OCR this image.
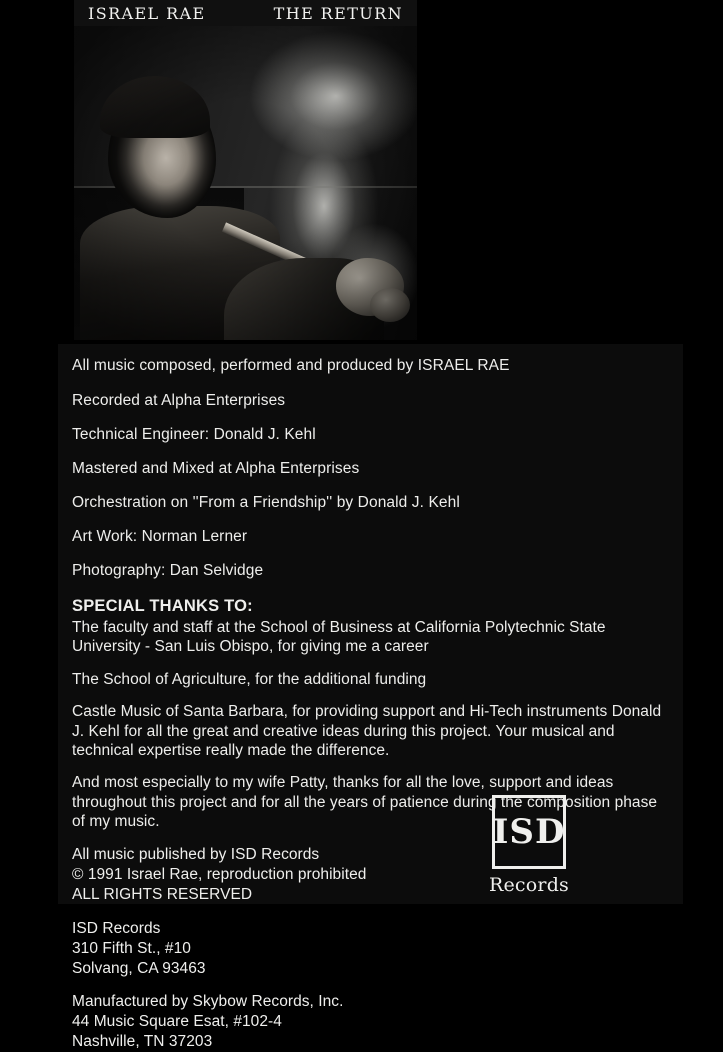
ISRAEL RAE	THE RETURN

All music composed, performed and produced by ISRAEL RAE

Recorded at Alpha Enterprises

Technical Engineer: Donald J. Kehl

Mastered and Mixed at Alpha Enterprises

Orchestration on ''From a Friendship'' by Donald J. Kehl

Art Work: Norman Lerner

Photography: Dan Selvidge

SPECIAL THANKS TO:

The faculty and staff at the School of Business at California Polytechnic State University - San Luis Obispo, for giving me a career

The School of Agriculture, for the additional funding

Castle Music of Santa Barbara, for providing support and Hi-Tech instruments Donald J. Kehl for all the great and creative ideas during this project. Your musical and technical expertise really made the difference.

And most especially to my wife Patty, thanks for all the love, support and ideas throughout this project and for all the years of patience during the composition phase of my music.

All music published by ISD Records
© 1991 Israel Rae, reproduction prohibited
ALL RIGHTS RESERVED
ISD Records
310 Fifth St., #10
Solvang, CA 93463
Manufactured by Skybow Records, Inc.
44 Music Square Esat, #102-4
Nashville, TN 37203
ISD
Records
